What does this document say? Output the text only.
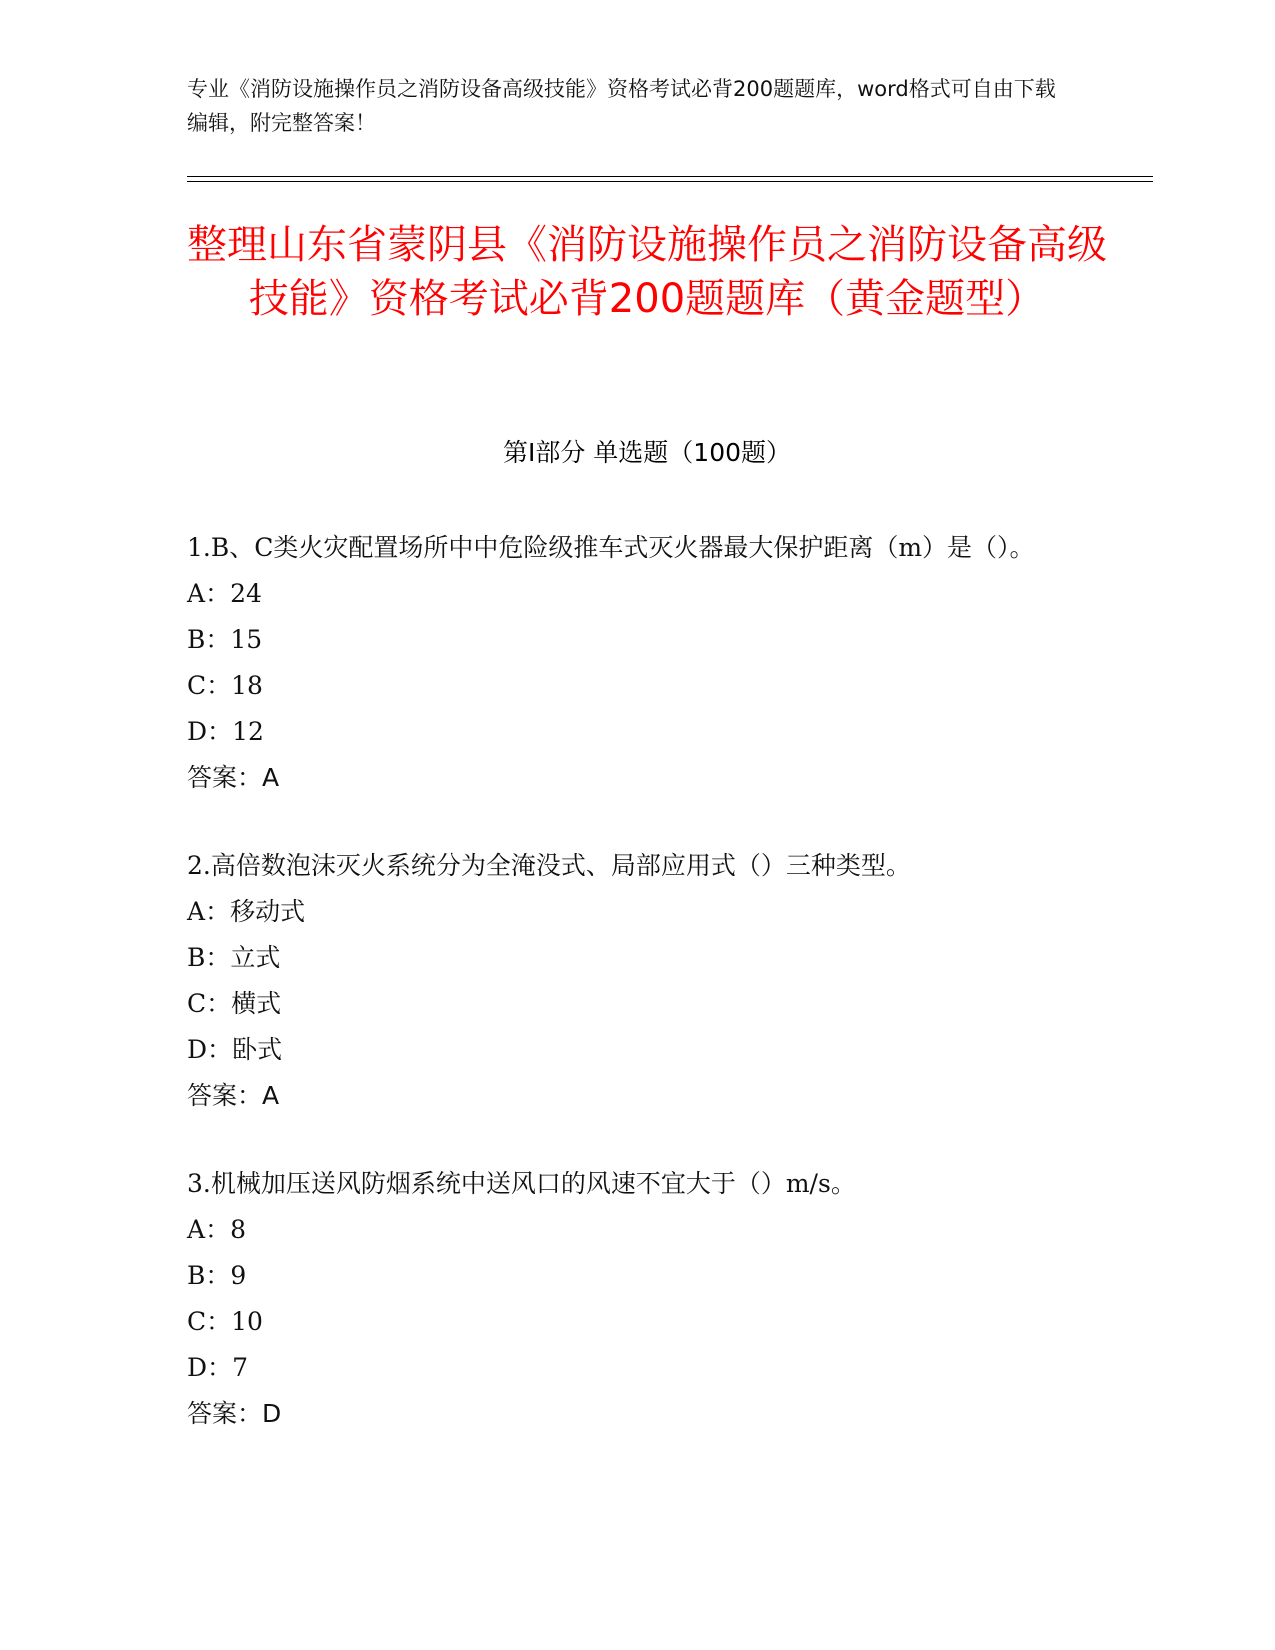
专业《消防设施操作员之消防设备高级技能》资格考试必背200题题库，word格式可自由下载编辑，附完整答案！
整理山东省蒙阴县《消防设施操作员之消防设备高级技能》资格考试必背200题题库（黄金题型）
第Ⅰ部分 单选题（100题）

1.B、C类火灾配置场所中中危险级推车式灭火器最大保护距离（m）是（）。

A：24

B：15

C：18

D：12

答案：A

2.高倍数泡沫灭火系统分为全淹没式、局部应用式（）三种类型。

A：移动式

B：立式

C：横式

D：卧式

答案：A

3.机械加压送风防烟系统中送风口的风速不宜大于（）m/s。

A：8

B：9

C：10

D：7

答案：D
